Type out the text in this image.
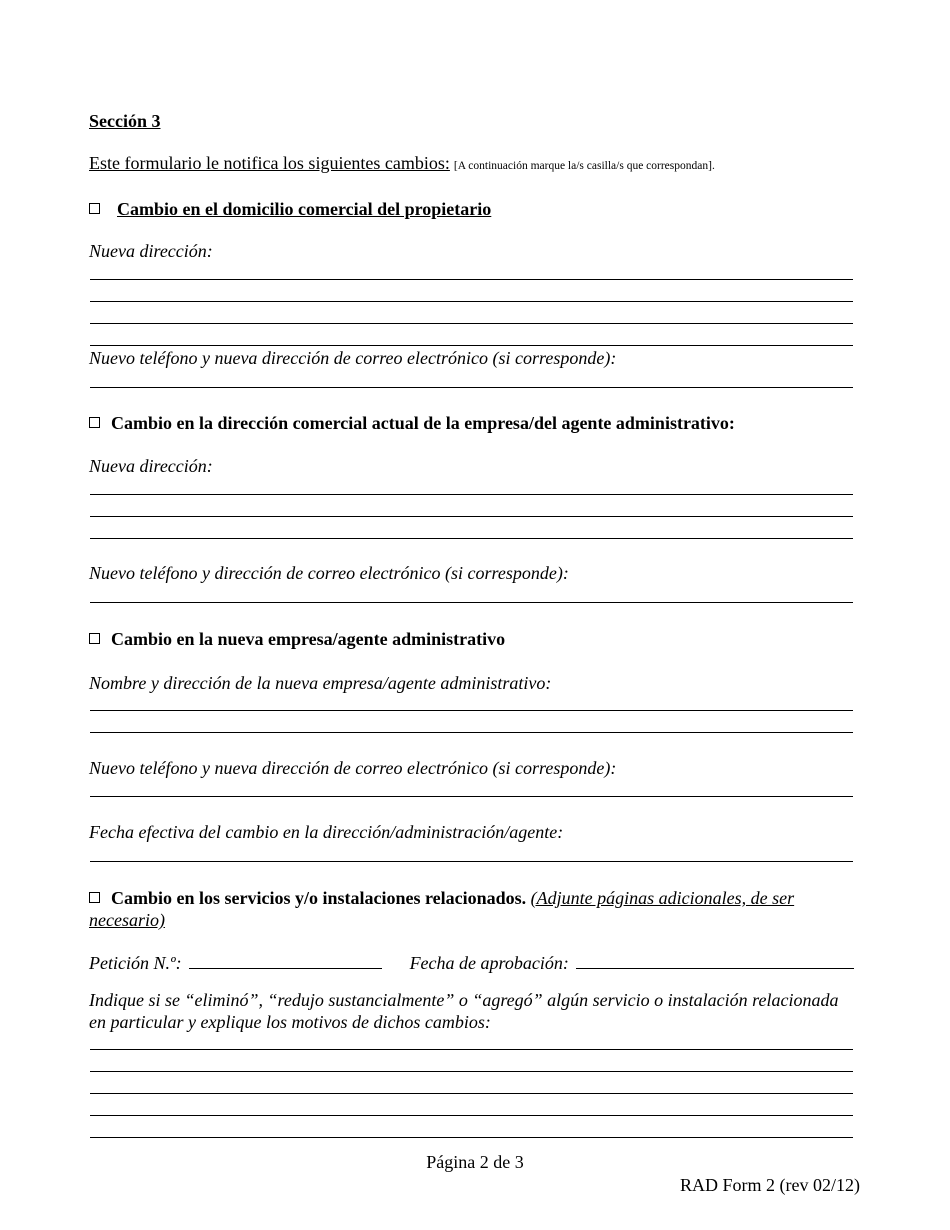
Sección 3
Este formulario le notifica los siguientes cambios: [A continuación marque la/s casilla/s que correspondan].
Cambio en el domicilio comercial del propietario
Nueva dirección:
Nuevo teléfono y nueva dirección de correo electrónico (si corresponde):
Cambio en la dirección comercial actual de la empresa/del agente administrativo:
Nueva dirección:
Nuevo teléfono y dirección de correo electrónico (si corresponde):
Cambio en la nueva empresa/agente administrativo
Nombre y dirección de la nueva empresa/agente administrativo:
Nuevo teléfono y nueva dirección de correo electrónico (si corresponde):
Fecha efectiva del cambio en la dirección/administración/agente:
Cambio en los servicios y/o instalaciones relacionados. (Adjunte páginas adicionales, de ser necesario)
Petición N.º:	Fecha de aprobación:
Indique si se “eliminó”, “redujo sustancialmente” o “agregó” algún servicio o instalación relacionada en particular y explique los motivos de dichos cambios:
Página 2 de 3
RAD Form 2 (rev 02/12)
